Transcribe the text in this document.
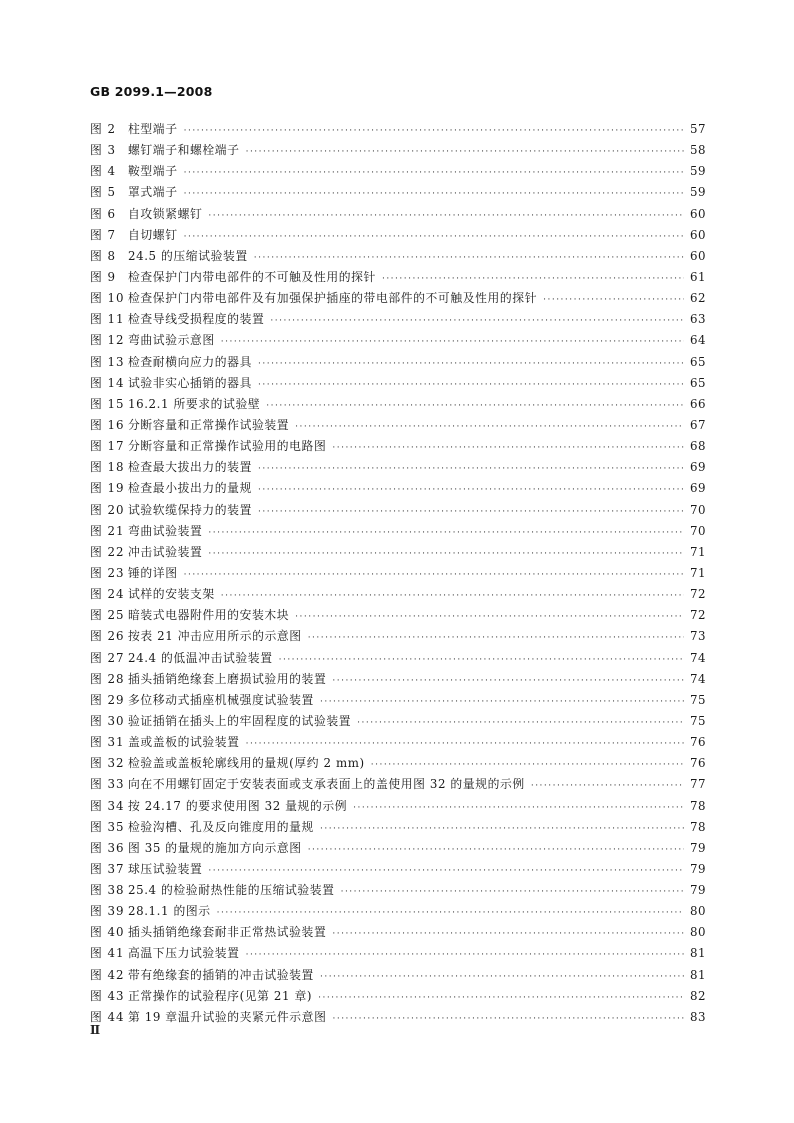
GB 2099.1—2008
图 2	柱型端子 ·····	57
图 3	螺钉端子和螺栓端子 ·····	58
图 4	鞍型端子 ·····	59
图 5	罩式端子 ·····	59
图 6	自攻锁紧螺钉 ·····	60
图 7	自切螺钉 ·····	60
图 8	24.5 的压缩试验装置 ·····	60
图 9	检查保护门内带电部件的不可触及性用的探针 ·····	61
图 10 检查保护门内带电部件及有加强保护插座的带电部件的不可触及性用的探针 ·····	62
图 11 检查导线受损程度的装置 ·····	63
图 12 弯曲试验示意图 ·····	64
图 13 检查耐横向应力的器具 ·····	65
图 14 试验非实心插销的器具 ·····	65
图 15 16.2.1 所要求的试验壁 ·····	66
图 16 分断容量和正常操作试验装置 ·····	67
图 17 分断容量和正常操作试验用的电路图 ·····	68
图 18 检查最大拔出力的装置 ·····	69
图 19 检查最小拔出力的量规 ·····	69
图 20 试验软缆保持力的装置 ·····	70
图 21 弯曲试验装置 ·····	70
图 22 冲击试验装置 ·····	71
图 23 锤的详图 ·····	71
图 24 试样的安装支架 ·····	72
图 25 暗装式电器附件用的安装木块 ·····	72
图 26 按表 21 冲击应用所示的示意图 ·····	73
图 27 24.4 的低温冲击试验装置 ·····	74
图 28 插头插销绝缘套上磨损试验用的装置 ·····	74
图 29 多位移动式插座机械强度试验装置 ·····	75
图 30 验证插销在插头上的牢固程度的试验装置 ·····	75
图 31 盖或盖板的试验装置 ·····	76
图 32 检验盖或盖板轮廓线用的量规(厚约 2 mm) ·····	76
图 33 向在不用螺钉固定于安装表面或支承表面上的盖使用图 32 的量规的示例 ·····	77
图 34 按 24.17 的要求使用图 32 量规的示例 ·····	78
图 35 检验沟槽、孔及反向锥度用的量规 ·····	78
图 36 图 35 的量规的施加方向示意图 ·····	79
图 37 球压试验装置 ·····	79
图 38 25.4 的检验耐热性能的压缩试验装置 ·····	79
图 39 28.1.1 的图示 ·····	80
图 40 插头插销绝缘套耐非正常热试验装置 ·····	80
图 41 高温下压力试验装置 ·····	81
图 42 带有绝缘套的插销的冲击试验装置 ·····	81
图 43 正常操作的试验程序(见第 21 章) ·····	82
图 44 第 19 章温升试验的夹紧元件示意图 ·····	83
Ⅱ
